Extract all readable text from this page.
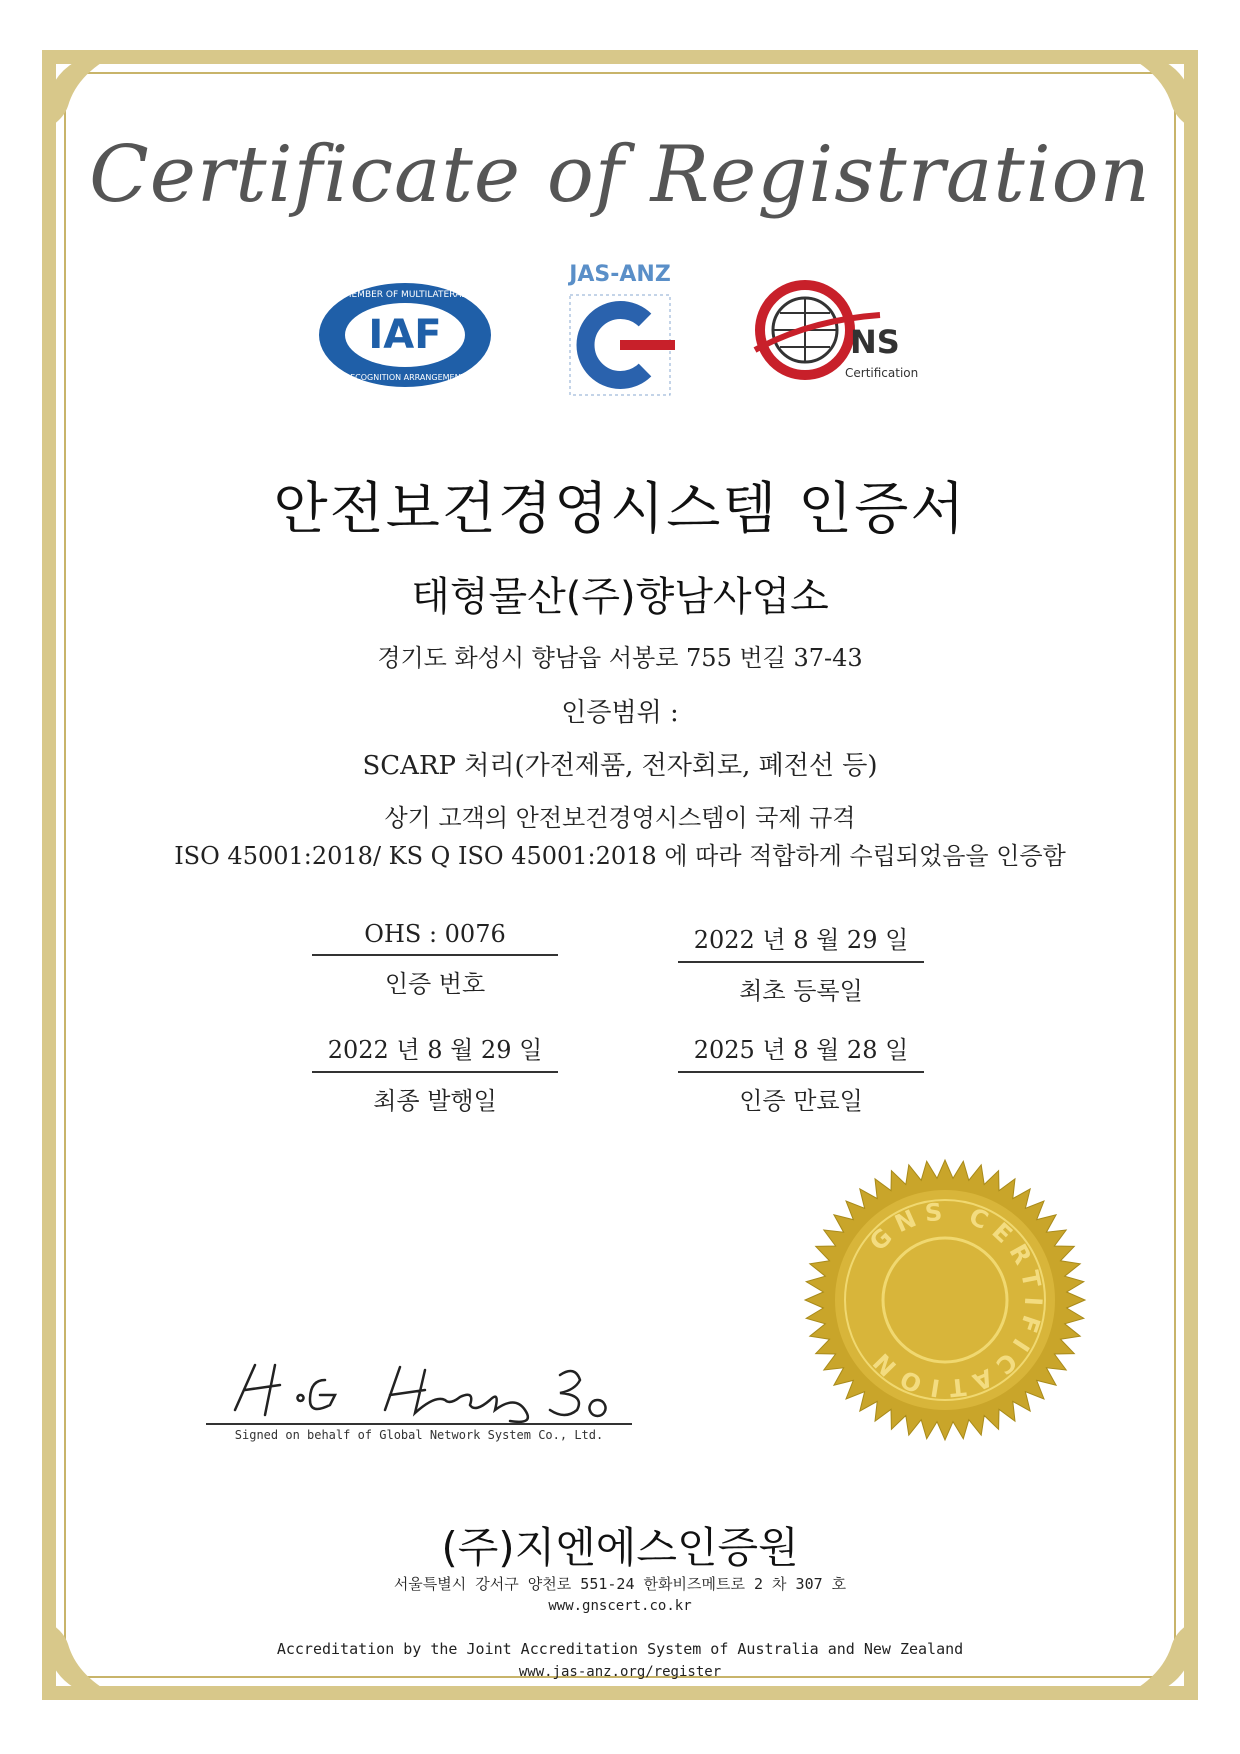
Certificate of Registration
IAF
MEMBER OF MULTILATERAL
RECOGNITION ARRANGEMENT
JAS-ANZ
NS
Certification
안전보건경영시스템 인증서
태형물산(주)향남사업소
경기도 화성시 향남읍 서봉로 755 번길 37-43
인증범위 :
SCARP 처리(가전제품, 전자회로, 폐전선 등)
상기 고객의 안전보건경영시스템이 국제 규격
ISO 45001:2018/ KS Q ISO 45001:2018 에 따라 적합하게 수립되었음을 인증함
OHS : 0076
인증 번호
2022 년 8 월 29 일
최초 등록일
2022 년 8 월 29 일
최종 발행일
2025 년 8 월 28 일
인증 만료일
Signed on behalf of Global Network System Co., Ltd.
GNS CERTIFICATION
(주)지엔에스인증원
서울특별시 강서구 양천로 551-24 한화비즈메트로 2 차 307 호
www.gnscert.co.kr
Accreditation by the Joint Accreditation System of Australia and New Zealand
www.jas-anz.org/register
